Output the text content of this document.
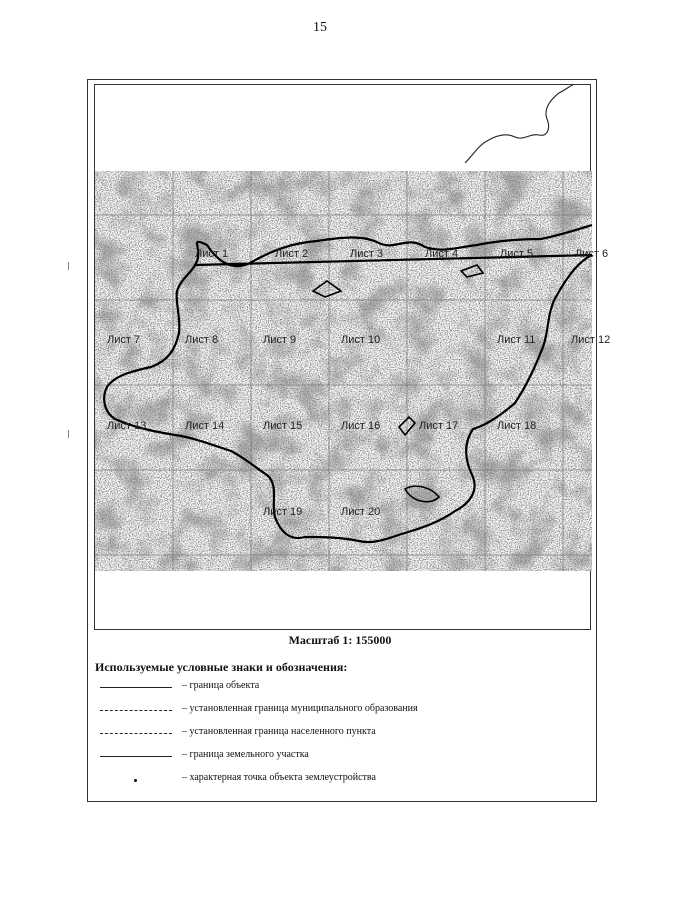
15
Лист 1	Лист 2	Лист 3	Лист 4	Лист 5	Лист 6
Лист 7	Лист 8	Лист 9	Лист 10	Лист 11	Лист 12
Лист 13	Лист 14	Лист 15	Лист 16	Лист 17	Лист 18
Лист 19	Лист 20
Масштаб 1: 155000
Используемые условные знаки и обозначения:
– граница объекта
– установленная граница муниципального образования
– установленная граница населенного пункта
– граница земельного участка
– характерная точка объекта землеустройства
